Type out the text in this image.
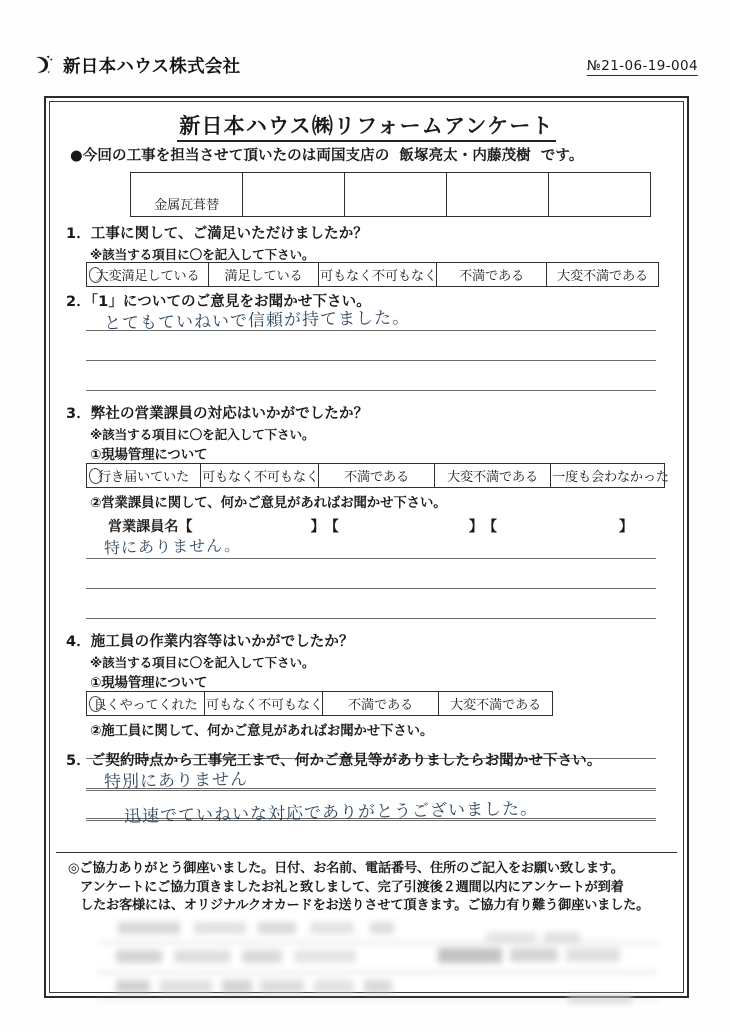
新日本ハウス株式会社	№21-06-19-004
新日本ハウス㈱リフォームアンケート
●今回の工事を担当させて頂いたのは両国支店の 飯塚亮太・内藤茂樹 です。
金属瓦葺替				
1．工事に関して、ご満足いただけましたか？
※該当する項目に〇を記入して下さい。
大変満足している	満足している	可もなく不可もなく	不満である	大変不満である
2．「1」についてのご意見をお聞かせ下さい。
とてもていねいで信頼が持てました。
3．弊社の営業課員の対応はいかがでしたか？
※該当する項目に〇を記入して下さい。
①現場管理について
行き届いていた	可もなく不可もなく	不満である	大変不満である	一度も会わなかった
②営業課員に関して、何かご意見があればお聞かせ下さい。
営業課員名【	】【	】【	】
特にありません。
4．施工員の作業内容等はいかがでしたか？
※該当する項目に〇を記入して下さい。
①現場管理について
良くやってくれた	可もなく不可もなく	不満である	大変不満である
②施工員に関して、何かご意見があればお聞かせ下さい。
5．ご契約時点から工事完工まで、何かご意見等がありましたらお聞かせ下さい。
特別にありません
迅速でていねいな対応でありがとうございました。
◎ご協力ありがとう御座いました。日付、お名前、電話番号、住所のご記入をお願い致します。
アンケートにご協力頂きましたお礼と致しまして、完了引渡後２週間以内にアンケートが到着
したお客様には、オリジナルクオカードをお送りさせて頂きます。ご協力有り難う御座いました。
